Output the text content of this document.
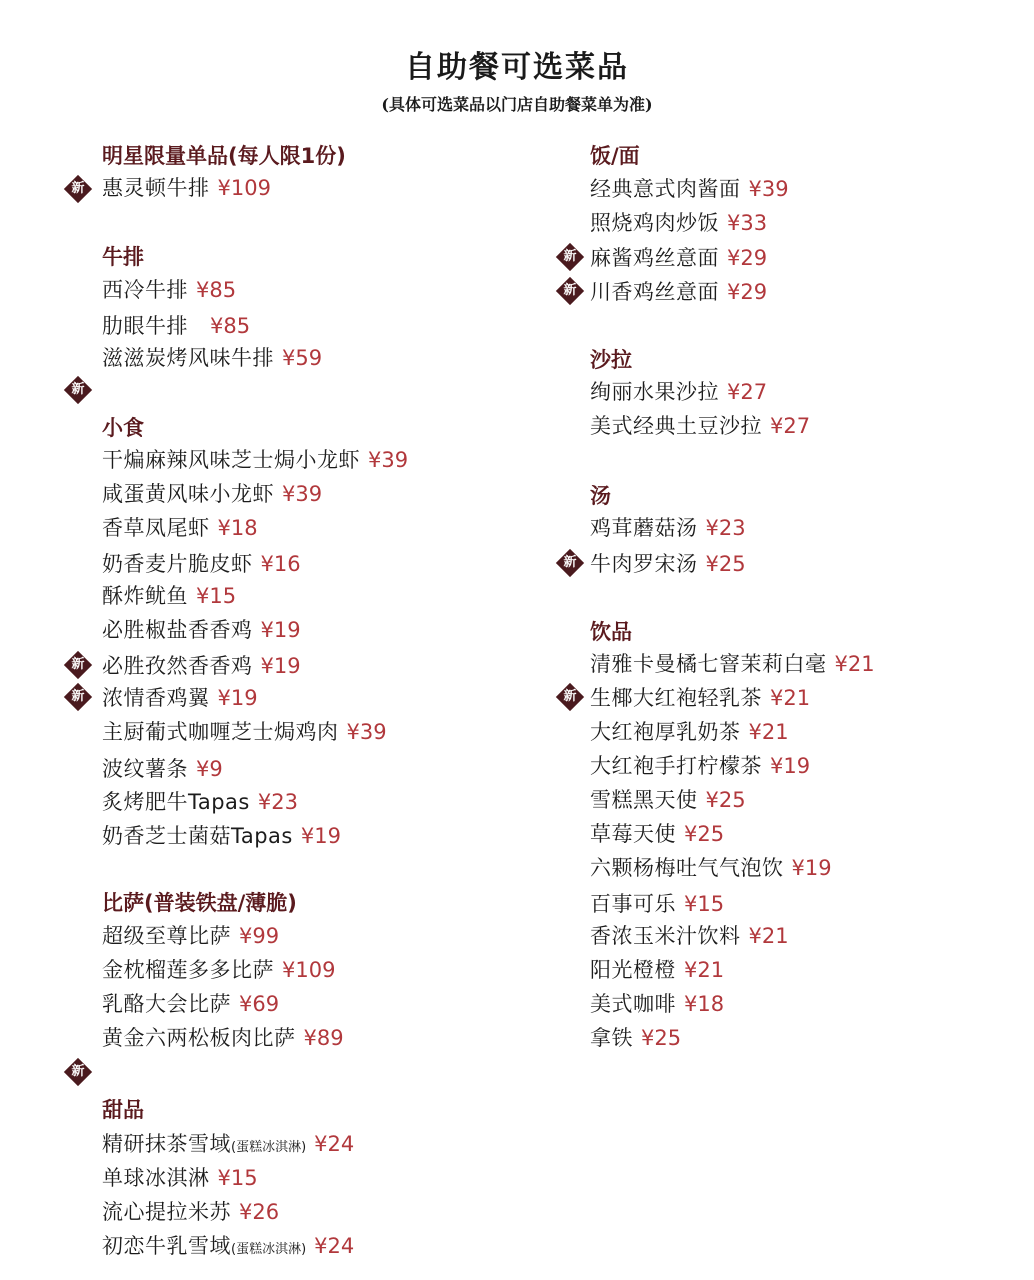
自助餐可选菜品
(具体可选菜品以门店自助餐菜单为准)
明星限量单品(每人限1份)
新 惠灵顿牛排 ¥109
牛排
西冷牛排 ¥85
肋眼牛排 ¥85
滋滋炭烤风味牛排 ¥59
新
小食
干煸麻辣风味芝士焗小龙虾 ¥39
咸蛋黄风味小龙虾 ¥39
香草凤尾虾 ¥18
奶香麦片脆皮虾 ¥16
酥炸鱿鱼 ¥15
必胜椒盐香香鸡 ¥19
新 必胜孜然香香鸡 ¥19
新 浓情香鸡翼 ¥19
主厨葡式咖喱芝士焗鸡肉 ¥39
波纹薯条 ¥9
炙烤肥牛Tapas ¥23
奶香芝士菌菇Tapas ¥19
比萨(普装铁盘/薄脆)
超级至尊比萨 ¥99
金枕榴莲多多比萨 ¥109
乳酪大会比萨 ¥69
黄金六两松板肉比萨 ¥89
新
甜品
精研抹茶雪域(蛋糕冰淇淋) ¥24
单球冰淇淋 ¥15
流心提拉米苏 ¥26
初恋牛乳雪域(蛋糕冰淇淋) ¥24
饭/面
经典意式肉酱面 ¥39
照烧鸡肉炒饭 ¥33
新 麻酱鸡丝意面 ¥29
新 川香鸡丝意面 ¥29
沙拉
绚丽水果沙拉 ¥27
美式经典土豆沙拉 ¥27
汤
鸡茸蘑菇汤 ¥23
新 牛肉罗宋汤 ¥25
饮品
清雅卡曼橘七窨茉莉白毫 ¥21
新 生椰大红袍轻乳茶 ¥21
大红袍厚乳奶茶 ¥21
大红袍手打柠檬茶 ¥19
雪糕黑天使 ¥25
草莓天使 ¥25
六颗杨梅吐气气泡饮 ¥19
百事可乐 ¥15
香浓玉米汁饮料 ¥21
阳光橙橙 ¥21
美式咖啡 ¥18
拿铁 ¥25
